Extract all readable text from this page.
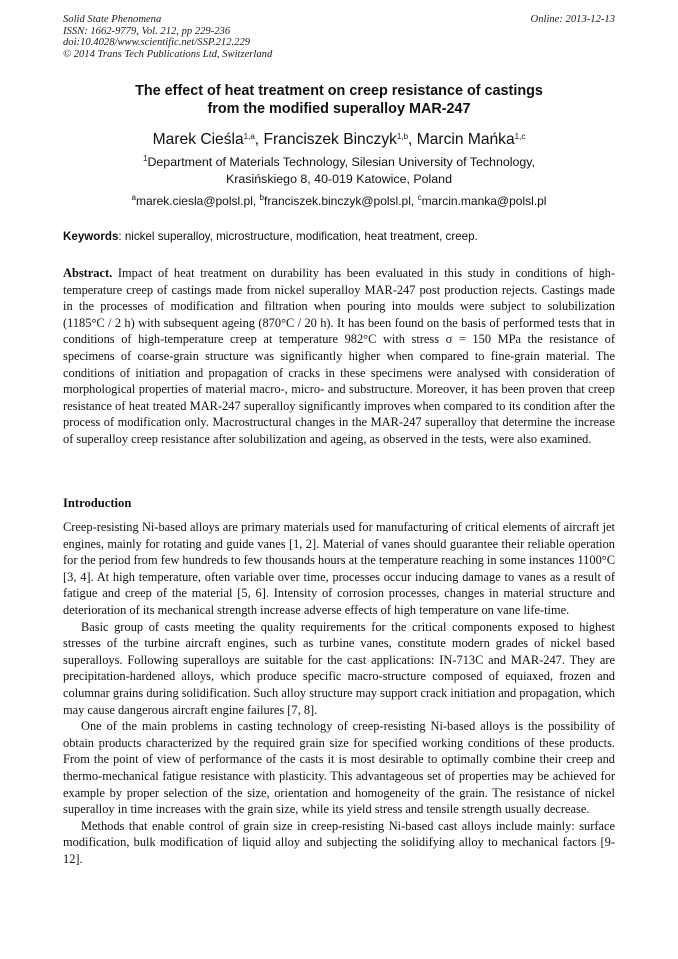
Solid State Phenomena
ISSN: 1662-9779, Vol. 212, pp 229-236
doi:10.4028/www.scientific.net/SSP.212.229
© 2014 Trans Tech Publications Ltd, Switzerland
Online: 2013-12-13
The effect of heat treatment on creep resistance of castings
from the modified superalloy MAR-247
Marek Cieśla$^{1,a}$, Franciszek Binczyk$^{1,b}$, Marcin Mańka$^{1,c}$
$^1$Department of Materials Technology, Silesian University of Technology,
Krasińskiego 8, 40-019 Katowice, Poland
$^a$marek.ciesla@polsl.pl, $^b$franciszek.binczyk@polsl.pl, $^c$marcin.manka@polsl.pl
Keywords: nickel superalloy, microstructure, modification, heat treatment, creep.
Abstract. Impact of heat treatment on durability has been evaluated in this study in conditions of high-temperature creep of castings made from nickel superalloy MAR-247 post production rejects. Castings made in the processes of modification and filtration when pouring into moulds were subject to solubilization (1185°C / 2 h) with subsequent ageing (870°C / 20 h). It has been found on the basis of performed tests that in conditions of high-temperature creep at temperature 982°C with stress σ = 150 MPa the resistance of specimens of coarse-grain structure was significantly higher when compared to fine-grain material. The conditions of initiation and propagation of cracks in these specimens were analysed with consideration of morphological properties of material macro-, micro- and substructure. Moreover, it has been proven that creep resistance of heat treated MAR-247 superalloy significantly improves when compared to its condition after the process of modification only. Macrostructural changes in the MAR-247 superalloy that determine the increase of superalloy creep resistance after solubilization and ageing, as observed in the tests, were also examined.
Introduction

Creep-resisting Ni-based alloys are primary materials used for manufacturing of critical elements of aircraft jet engines, mainly for rotating and guide vanes [1, 2]. Material of vanes should guarantee their reliable operation for the period from few hundreds to few thousands hours at the temperature reaching in some instances 1100°C [3, 4]. At high temperature, often variable over time, processes occur inducing damage to vanes as a result of fatigue and creep of the material [5, 6]. Intensity of corrosion processes, changes in material structure and deterioration of its mechanical strength increase adverse effects of high temperature on vane life-time.

Basic group of casts meeting the quality requirements for the critical components exposed to highest stresses of the turbine aircraft engines, such as turbine vanes, constitute modern grades of nickel based superalloys. Following superalloys are suitable for the cast applications: IN-713C and MAR-247. They are precipitation-hardened alloys, which produce specific macro-structure composed of equiaxed, frozen and columnar grains during solidification. Such alloy structure may support crack initiation and propagation, which may cause dangerous aircraft engine failures [7, 8].

One of the main problems in casting technology of creep-resisting Ni-based alloys is the possibility of obtain products characterized by the required grain size for specified working conditions of these products. From the point of view of performance of the casts it is most desirable to optimally combine their creep and thermo-mechanical fatigue resistance with plasticity. This advantageous set of properties may be achieved for example by proper selection of the size, orientation and homogeneity of the grain. The resistance of nickel superalloy in time increases with the grain size, while its yield stress and tensile strength usually decrease.

Methods that enable control of grain size in creep-resisting Ni-based cast alloys include mainly: surface modification, bulk modification of liquid alloy and subjecting the solidifying alloy to mechanical factors [9-12].
